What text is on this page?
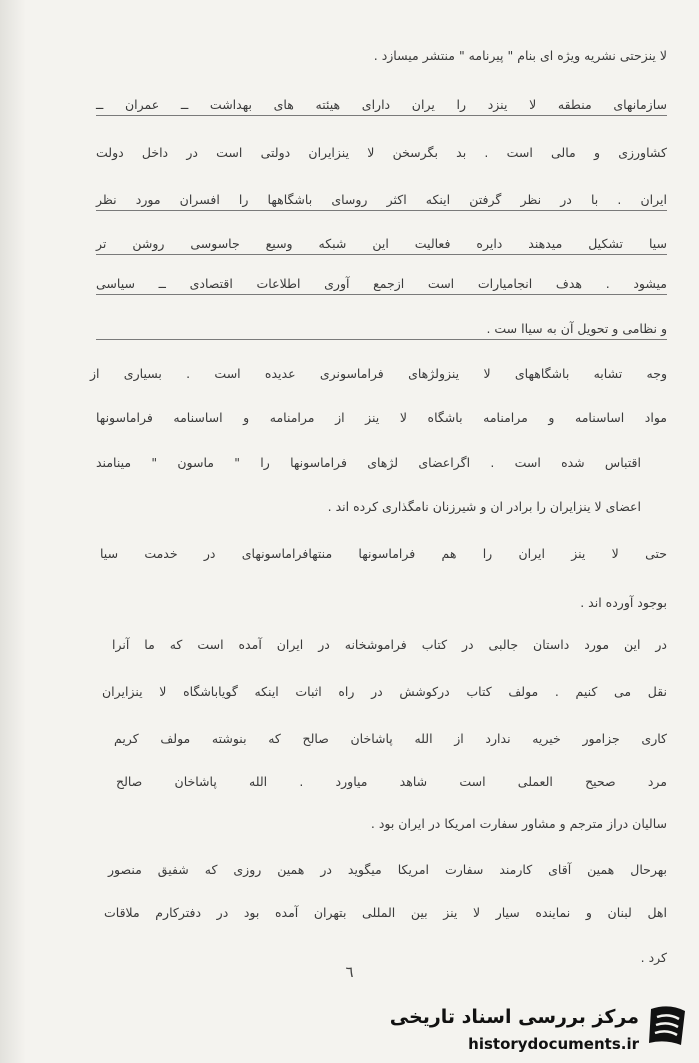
لا ینزحتی نشریه ویژه ای بنام " پیرنامه " منتشر میسازد .
سازمانهای منطقه لا ینزد را یران دارای هیئته های بهداشت ــ عمران ــ
کشاورزی و مالی است . بد بگرسخن لا ینزایران دولتی است در داخل دولت
ایران . با در نظر گرفتن اینکه اکثر روسای باشگاهها را افسران مورد نظر
سیا تشکیل میدهند دایره فعالیت این شبکه وسیع جاسوسی روشن تر
میشود . هدف انجامیارات است ازجمع آوری اطلاعات اقتصادی ــ سیاسی
و نظامی و تحویل آن به سیاا ست .
وجه تشابه باشگاههای لا ینزولژهای فراماسونری عدیده است . بسیاری از
مواد اساسنامه و مرامنامه باشگاه لا ینز از مرامنامه و اساسنامه فراماسونها
اقتباس شده است . اگراعضای لژهای فراماسونها را " ماسون " مینامند
اعضای لا ینزایران را برادر ان و شیرزنان نامگذاری کرده اند .
حتی لا ینز ایران را هم فراماسونها منتهافراماسونهای در خدمت سیا
بوجود آورده اند .
در این مورد داستان جالبی در کتاب فراموشخانه در ایران آمده است که ما آنرا
نقل می کنیم . مولف کتاب درکوشش در راه اثبات اینکه گویاباشگاه لا ینزایران
کاری جزامور خیریه ندارد از الله پاشاخان صالح که بنوشته مولف کریم
مرد صحیح العملی است شاهد میاورد . الله پاشاخان صالح
سالیان دراز مترجم و مشاور سفارت امریکا در ایران بود .
بهرحال همین آقای کارمند سفارت امریکا میگوید در همین روزی که شفیق منصور
اهل لبنان و نماینده سیار لا ینز بین المللی بتهران آمده بود در دفترکارم ملاقات
کرد .
٦
مرکز بررسی اسناد تاریخی
historydocuments.ir
